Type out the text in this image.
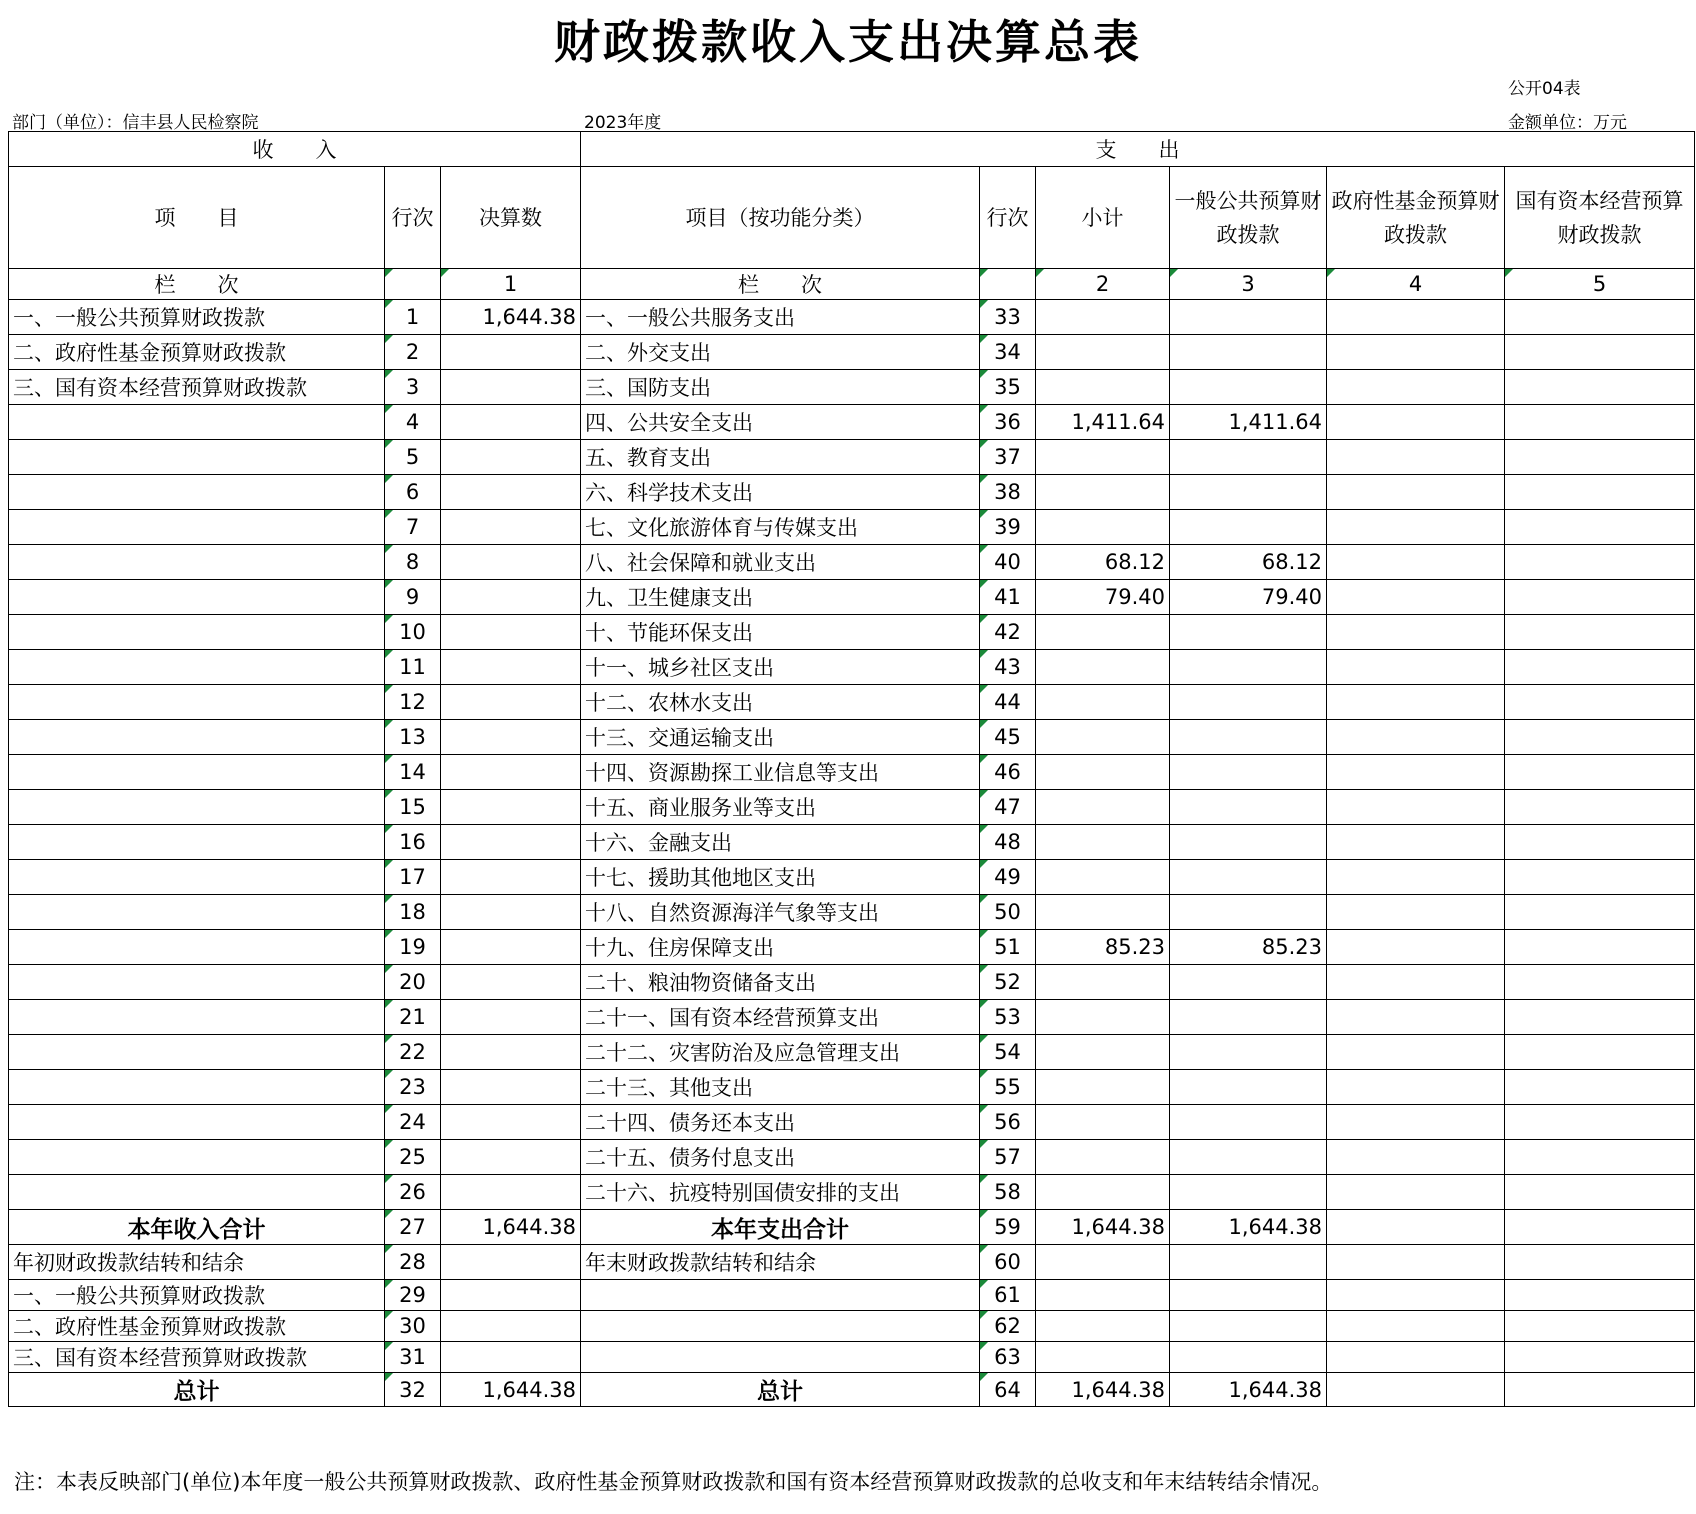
财政拨款收入支出决算总表
公开04表
部门（单位）：信丰县人民检察院	2023年度	金额单位：万元
收　　入			支　　出					
项　　目	行次	决算数	项目（按功能分类）	行次	小计	一般公共预算财政拨款	政府性基金预算财政拨款	国有资本经营预算财政拨款
栏　　次		1	栏　　次		2	3	4	5
一、一般公共预算财政拨款	1	1,644.38	一、一般公共服务支出	33				
二、政府性基金预算财政拨款	2		二、外交支出	34				
三、国有资本经营预算财政拨款	3		三、国防支出	35				
	4		四、公共安全支出	36	1,411.64	1,411.64		
	5		五、教育支出	37				
	6		六、科学技术支出	38				
	7		七、文化旅游体育与传媒支出	39				
	8		八、社会保障和就业支出	40	68.12	68.12		
	9		九、卫生健康支出	41	79.40	79.40		
	10		十、节能环保支出	42				
	11		十一、城乡社区支出	43				
	12		十二、农林水支出	44				
	13		十三、交通运输支出	45				
	14		十四、资源勘探工业信息等支出	46				
	15		十五、商业服务业等支出	47				
	16		十六、金融支出	48				
	17		十七、援助其他地区支出	49				
	18		十八、自然资源海洋气象等支出	50				
	19		十九、住房保障支出	51	85.23	85.23		
	20		二十、粮油物资储备支出	52				
	21		二十一、国有资本经营预算支出	53				
	22		二十二、灾害防治及应急管理支出	54				
	23		二十三、其他支出	55				
	24		二十四、债务还本支出	56				
	25		二十五、债务付息支出	57				
	26		二十六、抗疫特别国债安排的支出	58				
本年收入合计	27	1,644.38	本年支出合计	59	1,644.38	1,644.38		
年初财政拨款结转和结余	28		年末财政拨款结转和结余	60				
一、一般公共预算财政拨款	29			61				
二、政府性基金预算财政拨款	30			62				
三、国有资本经营预算财政拨款	31			63				
总计	32	1,644.38	总计	64	1,644.38	1,644.38		
注：本表反映部门(单位)本年度一般公共预算财政拨款、政府性基金预算财政拨款和国有资本经营预算财政拨款的总收支和年末结转结余情况。
